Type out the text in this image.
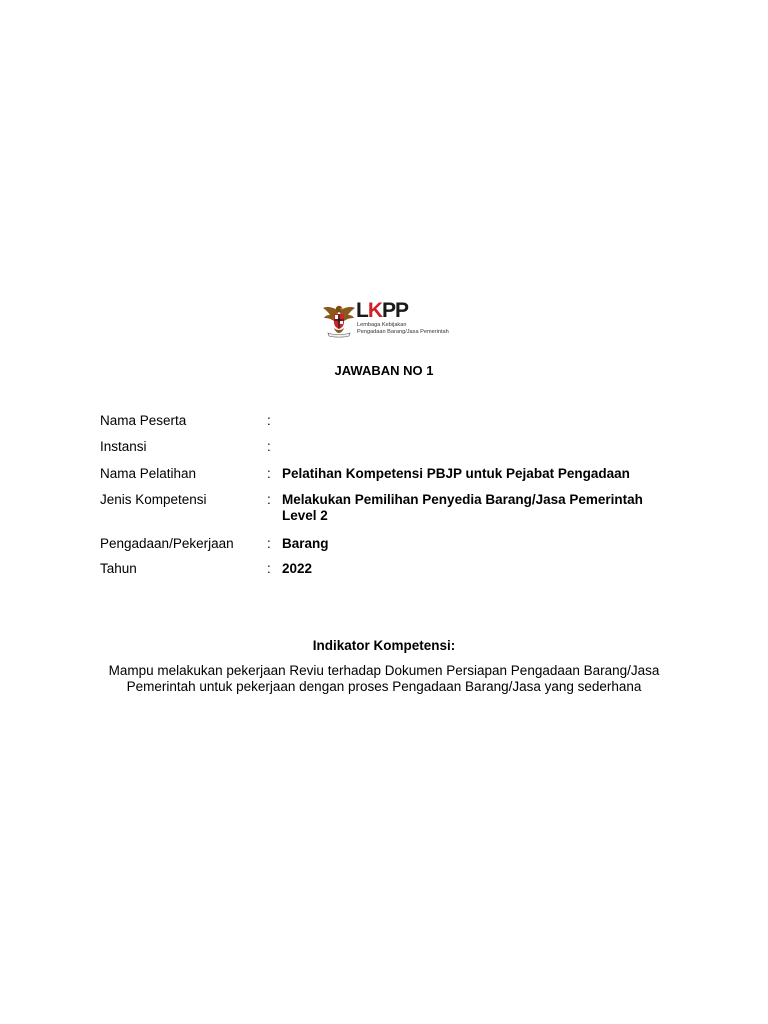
LKPP
Lembaga Kebijakan
Pengadaan Barang/Jasa Pemerintah
JAWABAN NO 1
Nama Peserta	:
Instansi	:
Nama Pelatihan	: Pelatihan Kompetensi PBJP untuk Pejabat Pengadaan
Jenis Kompetensi	: Melakukan Pemilihan Penyedia Barang/Jasa Pemerintah Level 2
Pengadaan/Pekerjaan	: Barang
Tahun	: 2022
Indikator Kompetensi:
Mampu melakukan pekerjaan Reviu terhadap Dokumen Persiapan Pengadaan Barang/Jasa Pemerintah untuk pekerjaan dengan proses Pengadaan Barang/Jasa yang sederhana
